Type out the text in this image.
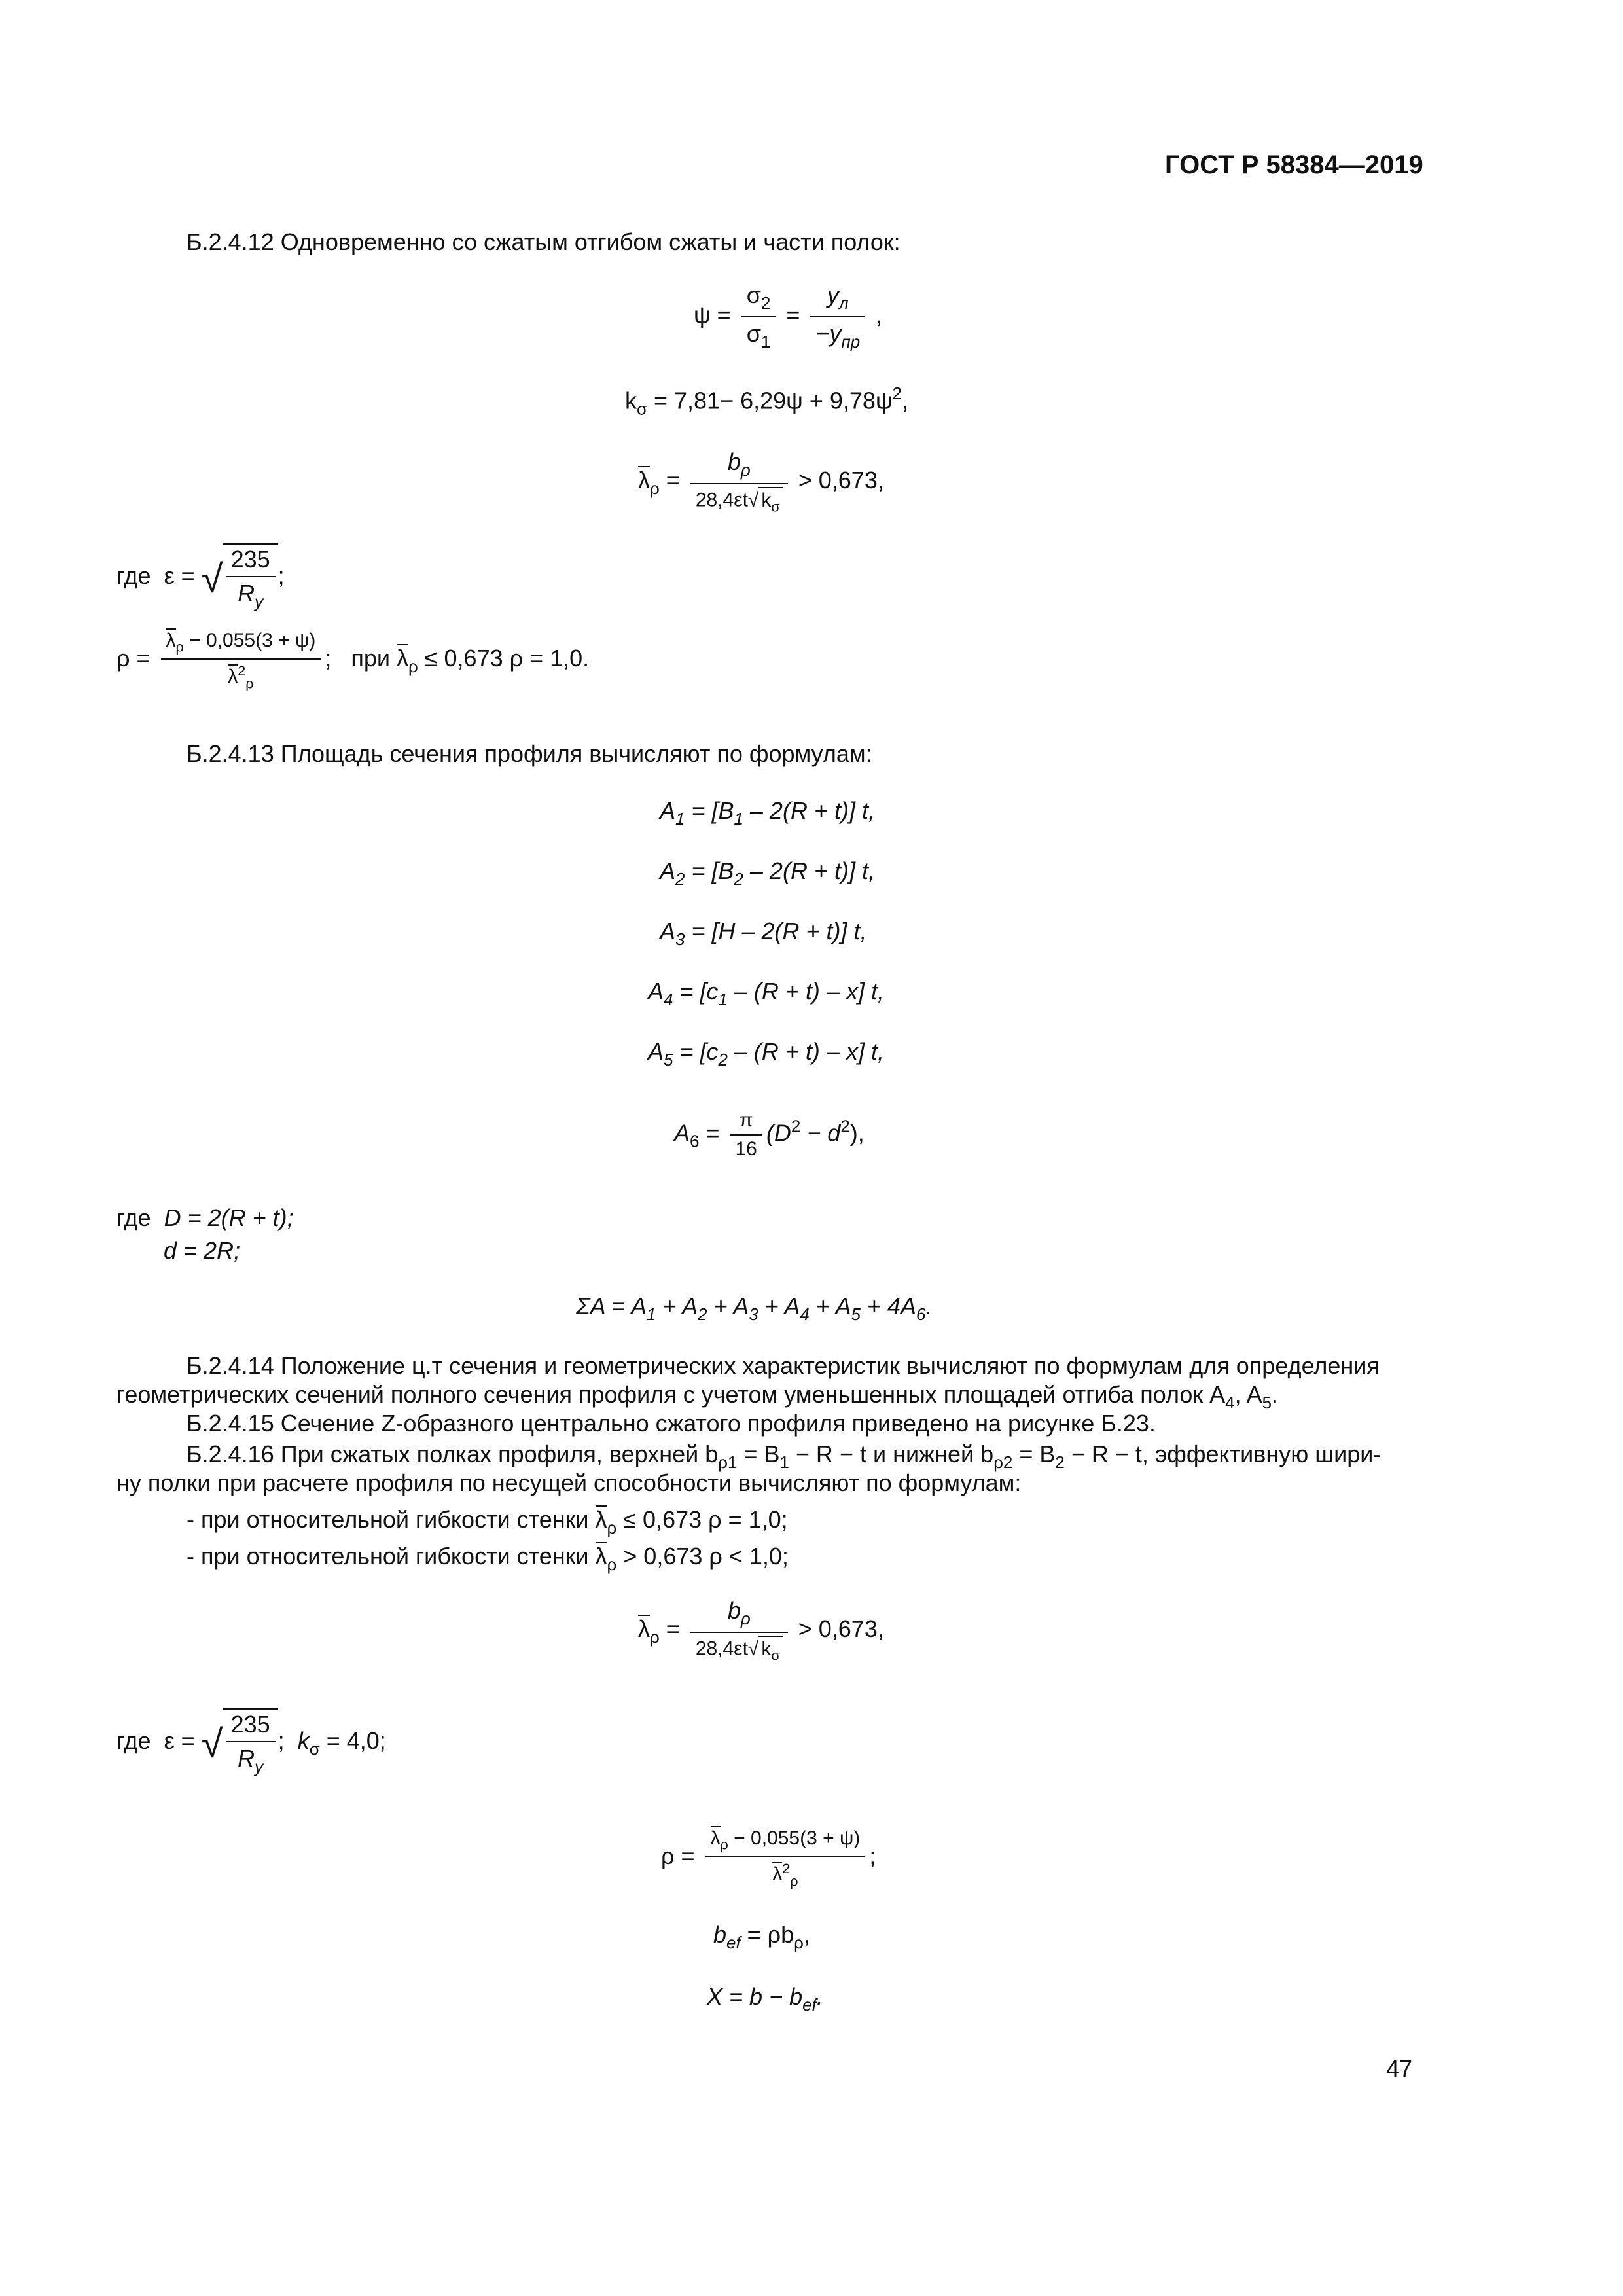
ГОСТ Р 58384—2019
Б.2.4.12 Одновременно со сжатым отгибом сжаты и части полок:
$\psi = \frac{\sigma_2}{\sigma_1} = \frac{y_л}{-y_{пр}}$ ,
$k_\sigma = 7,81- 6,29\psi + 9,78\psi^2$,
$\lambda_\rho = \frac{b_\rho}{28,4\varepsilon t√ k_\sigma} > 0,673$,
где ε = √ $\frac{235}{R_y}$ ;
$\rho = \frac{\lambda_\rho - 0,055(3 + \psi)}{\lambda^2_\rho}$ ; при $\lambda_\rho \le 0,673$ ρ = 1,0.
Б.2.4.13 Площадь сечения профиля вычисляют по формулам:
$A_1 = [B_1 - 2(R + t)]$ t,
$A_2 = [B_2 - 2(R + t)]$ t,
$A_3 = [H - 2(R + t)]$ t,
$A_4 = [c_1 - (R + t) - x]$ t,
$A_5 = [c_2 - (R + t) - x]$ t,
$A_6 = \frac{\pi}{16} (D^2 - d^2)$,
где D = 2(R + t);
d = 2R;
$\Sigma A = A_1 + A_2 + A_3 + A_4 + A_5 + 4A_6$.
Б.2.4.14 Положение ц.т сечения и геометрических характеристик вычисляют по формулам для определения
геометрических сечений полного сечения профиля с учетом уменьшенных площадей отгиба полок $A_4$, $A_5$.
Б.2.4.15 Сечение Z-образного центрально сжатого профиля приведено на рисунке Б.23.
Б.2.4.16 При сжатых полках профиля, верхней $b_{\rho 1} = B_1 - R - t$ и нижней $b_{\rho 2} = B_2 - R - t$, эффективную шири-
ну полки при расчете профиля по несущей способности вычисляют по формулам:
- при относительной гибкости стенки $\lambda_\rho \le 0,673$ ρ = 1,0;
- при относительной гибкости стенки $\lambda_\rho > 0,673$ ρ < 1,0;
$\lambda_\rho = \frac{b_\rho}{28,4\varepsilon t√ k_\sigma} > 0,673$,
где ε = √ $\frac{235}{R_y}$ ; $k_\sigma = 4,0$;
$\rho = \frac{\lambda_\rho - 0,055(3 + \psi)}{\lambda^2_\rho}$ ;
$b_{ef} = \rho b_\rho$,
$X = b - b_{ef}$.
47
